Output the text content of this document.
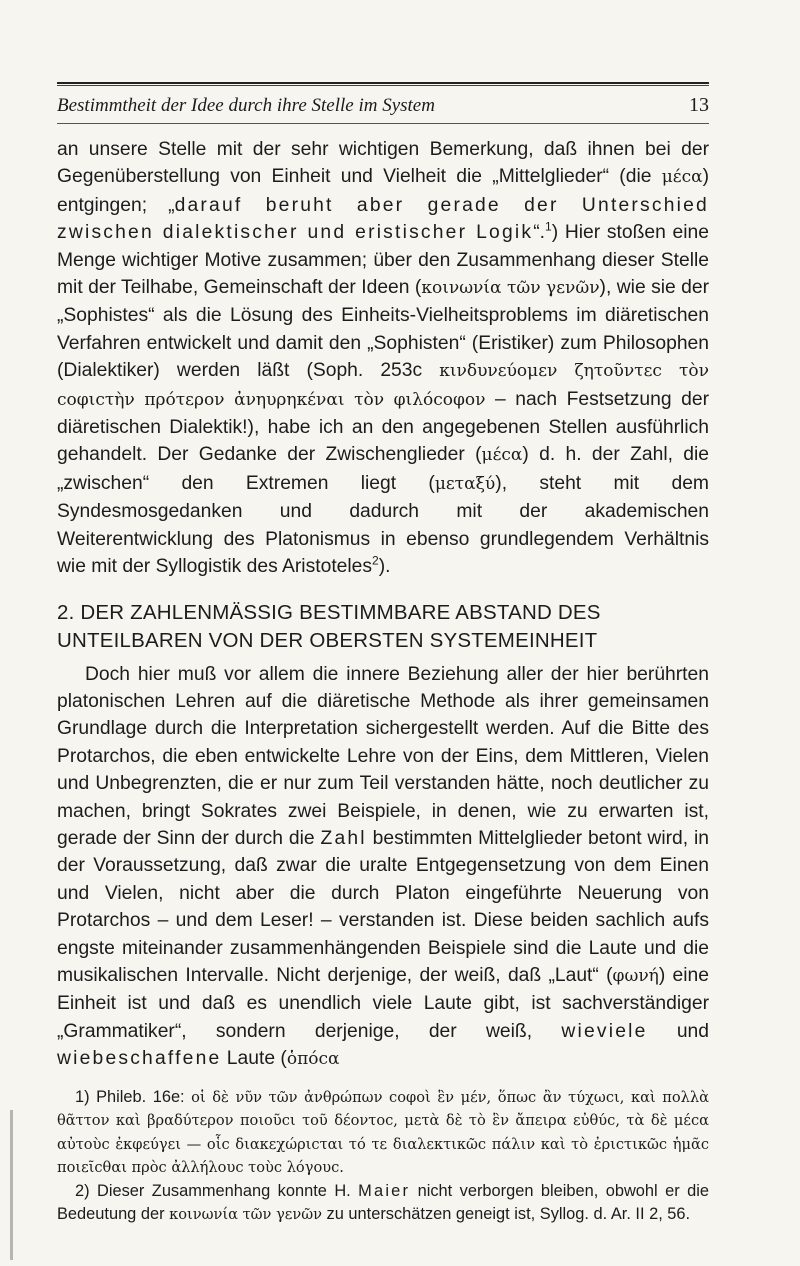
Bestimmtheit der Idee durch ihre Stelle im System	13

an unsere Stelle mit der sehr wichtigen Bemerkung, daß ihnen bei der Gegenüberstellung von Einheit und Vielheit die „Mittelglieder“ (die μέcα) entgingen; „darauf beruht aber gerade der Unterschied zwischen dialektischer und eristischer Logik“.$^1$) Hier stoßen eine Menge wichtiger Motive zusammen; über den Zusammenhang dieser Stelle mit der Teilhabe, Gemeinschaft der Ideen (κοινωνία τῶν γενῶν), wie sie der „Sophistes“ als die Lösung des Einheits-Vielheitsproblems im diäretischen Verfahren entwickelt und damit den „Sophisten“ (Eristiker) zum Philosophen (Dialektiker) werden läßt (Soph. 253c κινδυνεύομεν ζητοῦντεc τὸν cοφιcτὴν πρότερον ἀνηυρηκέναι τὸν φιλόcοφον – nach Festsetzung der diäretischen Dialektik!), habe ich an den angegebenen Stellen ausführlich gehandelt. Der Gedanke der Zwischenglieder (μέcα) d. h. der Zahl, die „zwischen“ den Extremen liegt (μεταξύ), steht mit dem Syndesmosgedanken und dadurch mit der akademischen Weiterentwicklung des Platonismus in ebenso grundlegendem Verhältnis wie mit der Syllogistik des Aristoteles$^2$).

2. DER ZAHLENMÄSSIG BESTIMMBARE ABSTAND DES UNTEILBAREN VON DER OBERSTEN SYSTEMEINHEIT

Doch hier muß vor allem die innere Beziehung aller der hier berührten platonischen Lehren auf die diäretische Methode als ihrer gemeinsamen Grundlage durch die Interpretation sichergestellt werden. Auf die Bitte des Protarchos, die eben entwickelte Lehre von der Eins, dem Mittleren, Vielen und Unbegrenzten, die er nur zum Teil verstanden hätte, noch deutlicher zu machen, bringt Sokrates zwei Beispiele, in denen, wie zu erwarten ist, gerade der Sinn der durch die Zahl bestimmten Mittelglieder betont wird, in der Voraussetzung, daß zwar die uralte Entgegensetzung von dem Einen und Vielen, nicht aber die durch Platon eingeführte Neuerung von Protarchos – und dem Leser! – verstanden ist. Diese beiden sachlich aufs engste miteinander zusammenhängenden Beispiele sind die Laute und die musikalischen Intervalle. Nicht derjenige, der weiß, daß „Laut“ (φωνή) eine Einheit ist und daß es unendlich viele Laute gibt, ist sachverständiger „Grammatiker“, sondern derjenige, der weiß, wieviele und wiebeschaffene Laute (ὁπόcα

1) Phileb. 16e: οἱ δὲ νῦν τῶν ἀνθρώπων cοφοὶ ἓν μέν, ὅπωc ἂν τύχωcι, καὶ πολλὰ θᾶττον καὶ βραδύτερον ποιοῦcι τοῦ δέοντοc, μετὰ δὲ τὸ ἓν ἄπειρα εὐθύc, τὰ δὲ μέcα αὐτοὺc ἐκφεύγει — οἷc διακεχώριcται τό τε διαλεκτικῶc πάλιν καὶ τὸ ἐριcτικῶc ἡμᾶc ποιεῖcθαι πρὸc ἀλλήλουc τοὺc λόγουc.

2) Dieser Zusammenhang konnte H. Maier nicht verborgen bleiben, obwohl er die Bedeutung der κοινωνία τῶν γενῶν zu unterschätzen geneigt ist, Syllog. d. Ar. II 2, 56.
